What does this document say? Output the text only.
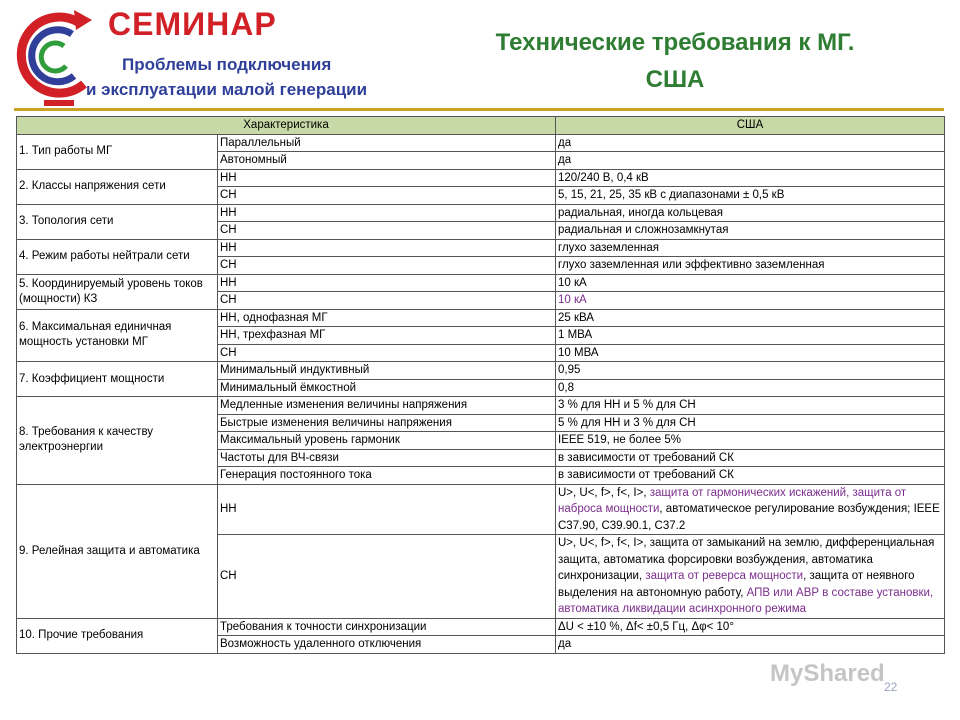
СЕМИНАР
Проблемы подключения
и эксплуатации малой генерации
Технические требования к МГ.
США
Характеристика		США
1. Тип работы МГ	Параллельный	да
	Автономный	да
2. Классы напряжения сети	НН	120/240 В, 0,4 кВ
	СН	5, 15, 21, 25, 35 кВ с диапазонами ± 0,5 кВ
3. Топология сети	НН	радиальная, иногда кольцевая
	СН	радиальная и сложнозамкнутая
4. Режим работы нейтрали сети	НН	глухо заземленная
	СН	глухо заземленная или эффективно заземленная
5. Координируемый уровень токов (мощности) КЗ	НН	10 кА
	СН	10 кА
6. Максимальная единичная мощность установки МГ	НН, однофазная МГ	25 кВА
	НН, трехфазная МГ	1 МВА
	СН	10 МВА
7. Коэффициент мощности	Минимальный индуктивный	0,95
	Минимальный ёмкостной	0,8
8. Требования к качеству электроэнергии	Медленные изменения величины напряжения	3 % для НН и 5 % для СН
	Быстрые изменения величины напряжения	5 % для НН и 3 % для СН
	Максимальный уровень гармоник	IEEE 519, не более 5%
	Частоты для ВЧ-связи	в зависимости от требований СК
	Генерация постоянного тока	в зависимости от требований СК
9. Релейная защита и автоматика	НН	U>, U<, f>, f<, I>, защита от гармонических искажений, защита от наброса мощности, автоматическое регулирование возбуждения; IEEE C37.90, C39.90.1, C37.2
	СН	U>, U<, f>, f<, I>, защита от замыканий на землю, дифференциальная защита, автоматика форсировки возбуждения, автоматика синхронизации, защита от реверса мощности, защита от неявного выделения на автономную работу, АПВ или АВР в составе установки, автоматика ликвидации асинхронного режима
10. Прочие требования	Требования к точности синхронизации	ΔU < ±10 %, Δf< ±0,5 Гц, Δφ< 10°
	Возможность удаленного отключения	да
MyShared 22
